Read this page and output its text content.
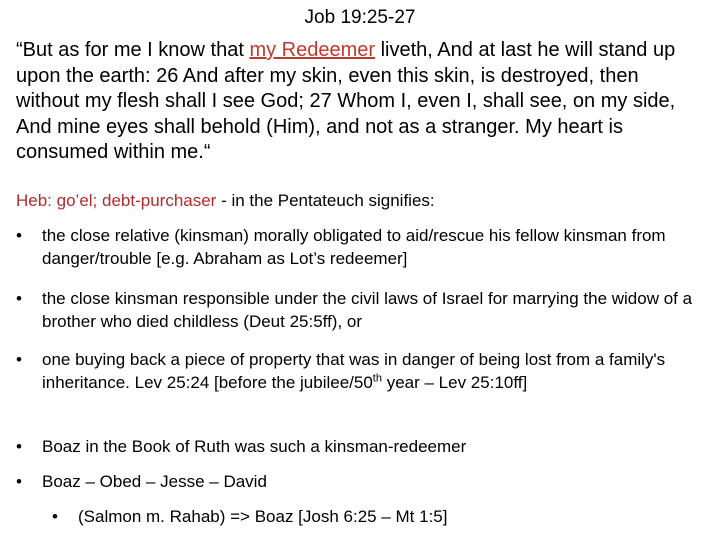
Job 19:25-27
“But as for me I know that my Redeemer liveth, And at last he will stand up upon the earth: 26 And after my skin, even this skin, is destroyed, then without my flesh shall I see God; 27 Whom I, even I, shall see, on my side, And mine eyes shall behold (Him), and not as a stranger. My heart is consumed within me.“
Heb: go’el; debt-purchaser - in the Pentateuch signifies:
•	the close relative (kinsman) morally obligated to aid/rescue his fellow kinsman from danger/trouble [e.g. Abraham as Lot’s redeemer]
•	the close kinsman responsible under the civil laws of Israel for marrying the widow of a brother who died childless (Deut 25:5ff), or
•	one buying back a piece of property that was in danger of being lost from a family's inheritance. Lev 25:24 [before the jubilee/50th year – Lev 25:10ff]
•	Boaz in the Book of Ruth was such a kinsman-redeemer
•	Boaz – Obed – Jesse – David
• (Salmon m. Rahab) => Boaz [Josh 6:25 – Mt 1:5]
